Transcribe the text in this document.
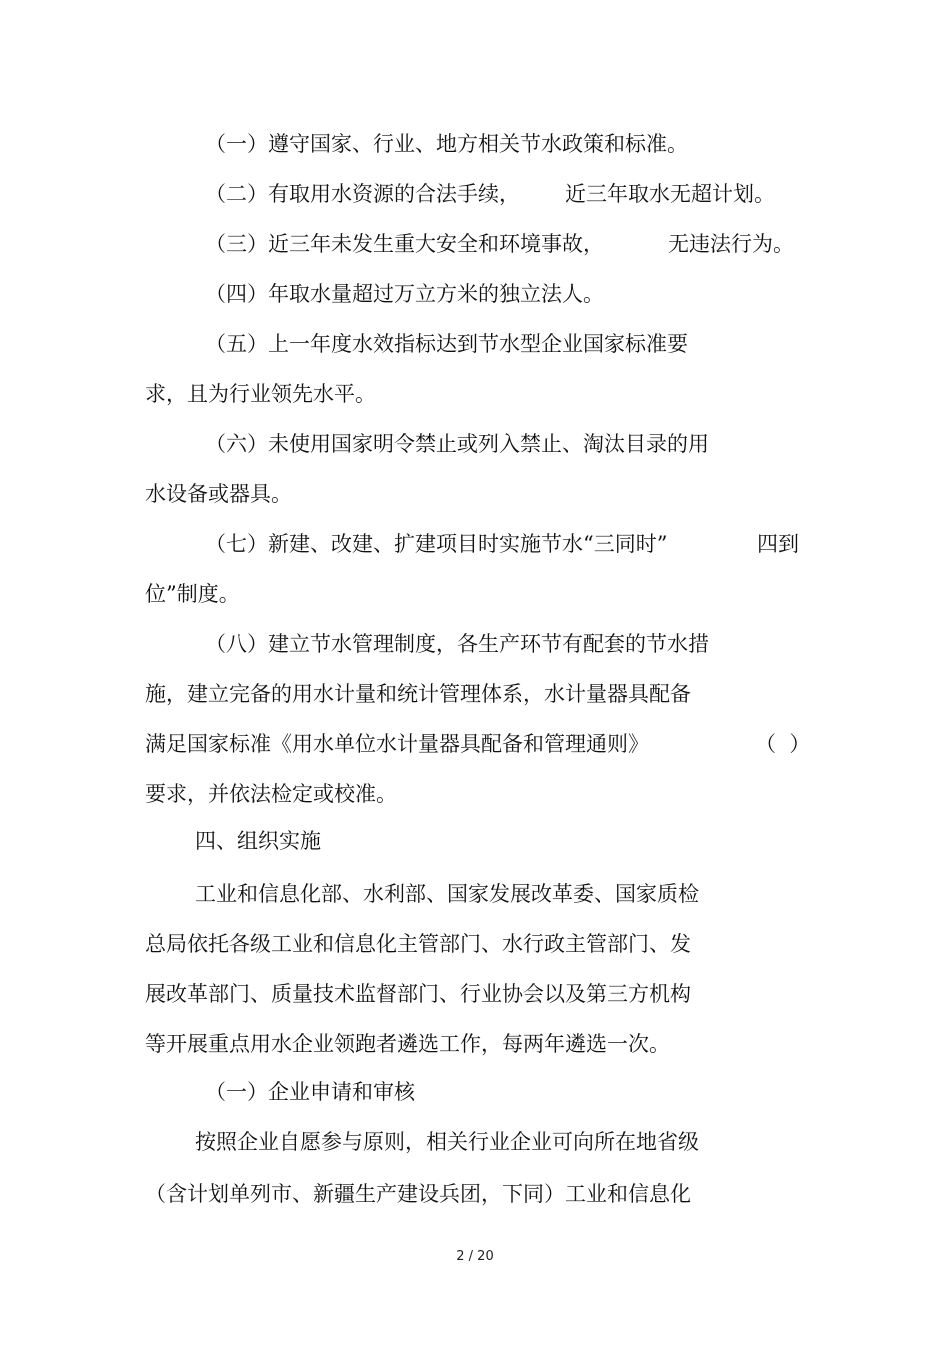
（一）遵守国家、行业、地方相关节水政策和标准。

（二）有取用水资源的合法手续， 近三年取水无超计划。

（三）近三年未发生重大安全和环境事故，	无违法行为。

（四）年取水量超过万立方米的独立法人。

（五）上一年度水效指标达到节水型企业国家标准要

求，且为行业领先水平。

（六）未使用国家明令禁止或列入禁止、淘汰目录的用

水设备或器具。

（七）新建、改建、扩建项目时实施节水“三同时”	四到

位”制度。

（八）建立节水管理制度，各生产环节有配套的节水措

施，建立完备的用水计量和统计管理体系，水计量器具配备

满足国家标准《用水单位水计量器具配备和管理通则》	（  ）

要求，并依法检定或校准。

四、组织实施

工业和信息化部、水利部、国家发展改革委、国家质检

总局依托各级工业和信息化主管部门、水行政主管部门、发

展改革部门、质量技术监督部门、行业协会以及第三方机构

等开展重点用水企业领跑者遴选工作，每两年遴选一次。

（一）企业申请和审核

按照企业自愿参与原则，相关行业企业可向所在地省级

（含计划单列市、新疆生产建设兵团，下同）工业和信息化

2 / 20
